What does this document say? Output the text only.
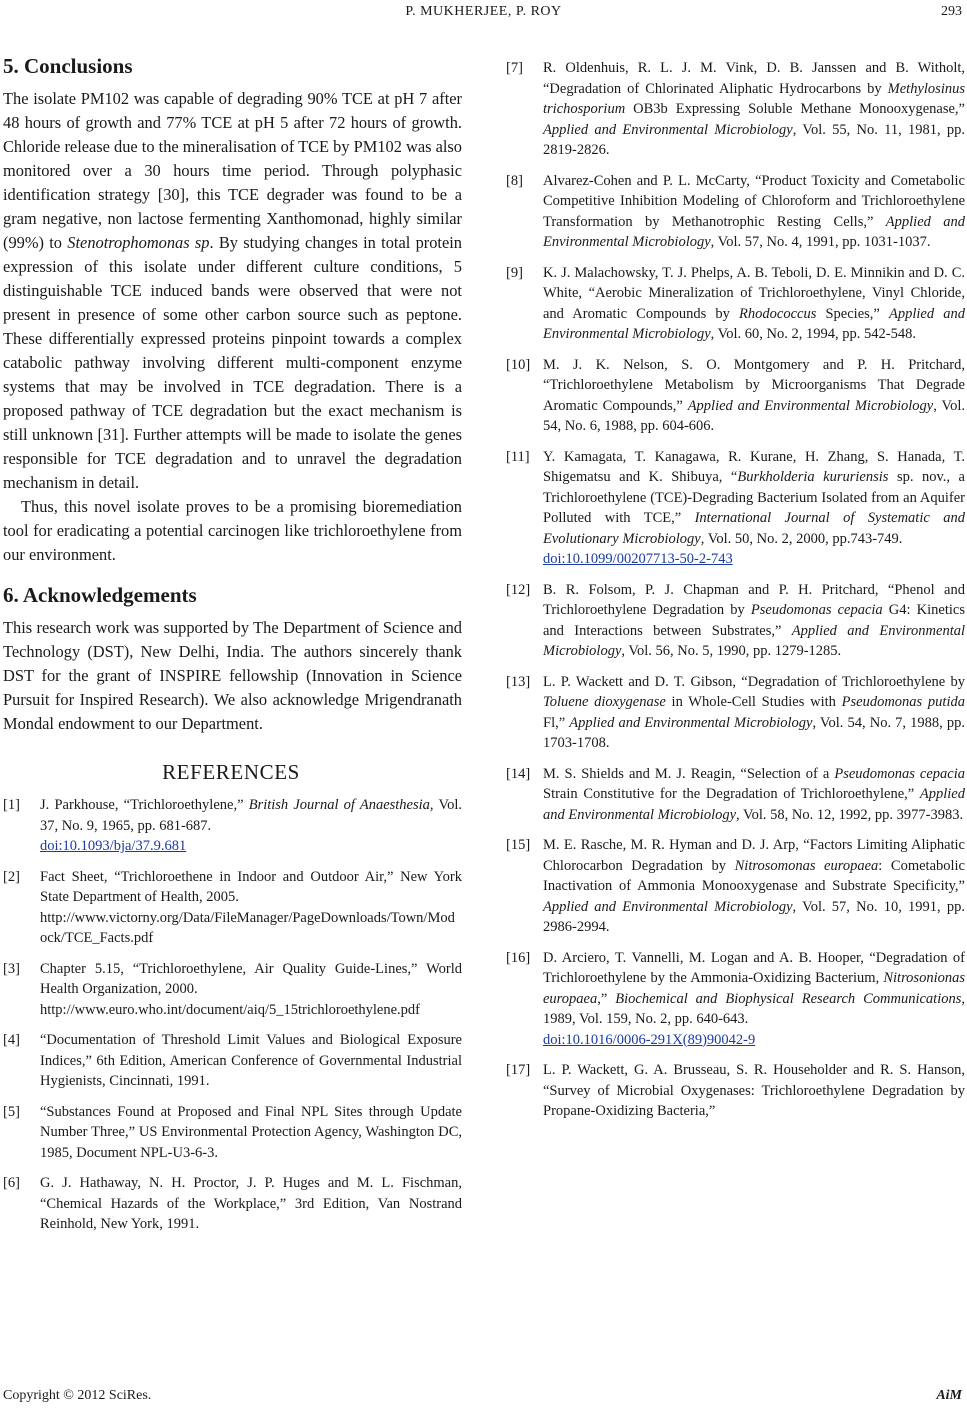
P. MUKHERJEE, P. ROY	293
5. Conclusions

The isolate PM102 was capable of degrading 90% TCE at pH 7 after 48 hours of growth and 77% TCE at pH 5 after 72 hours of growth. Chloride release due to the mineralisation of TCE by PM102 was also monitored over a 30 hours time period. Through polyphasic identification strategy [30], this TCE degrader was found to be a gram negative, non lactose fermenting Xanthomonad, highly similar (99%) to Stenotrophomonas sp. By studying changes in total protein expression of this isolate under different culture conditions, 5 distinguishable TCE induced bands were observed that were not present in presence of some other carbon source such as peptone. These differentially expressed proteins pinpoint towards a complex catabolic pathway involving different multi-component enzyme systems that may be involved in TCE degradation. There is a proposed pathway of TCE degradation but the exact mechanism is still unknown [31]. Further attempts will be made to isolate the genes responsible for TCE degradation and to unravel the degradation mechanism in detail.

Thus, this novel isolate proves to be a promising bioremediation tool for eradicating a potential carcinogen like trichloroethylene from our environment.

6. Acknowledgements

This research work was supported by The Department of Science and Technology (DST), New Delhi, India. The authors sincerely thank DST for the grant of INSPIRE fellowship (Innovation in Science Pursuit for Inspired Research). We also acknowledge Mrigendranath Mondal endowment to our Department.

REFERENCES
[1] J. Parkhouse, “Trichloroethylene,” British Journal of Anaesthesia, Vol. 37, No. 9, 1965, pp. 681-687.
doi:10.1093/bja/37.9.681
[2] Fact Sheet, “Trichloroethene in Indoor and Outdoor Air,” New York State Department of Health, 2005.
http://www.victorny.org/Data/FileManager/PageDownloads/Town/Modock/TCE_Facts.pdf
[3] Chapter 5.15, “Trichloroethylene, Air Quality Guide-Lines,” World Health Organization, 2000.
http://www.euro.who.int/document/aiq/5_15trichloroethylene.pdf
[4] “Documentation of Threshold Limit Values and Biological Exposure Indices,” 6th Edition, American Conference of Governmental Industrial Hygienists, Cincinnati, 1991.
[5] “Substances Found at Proposed and Final NPL Sites through Update Number Three,” US Environmental Protection Agency, Washington DC, 1985, Document NPL-U3-6-3.
[6] G. J. Hathaway, N. H. Proctor, J. P. Huges and M. L. Fischman, “Chemical Hazards of the Workplace,” 3rd Edition, Van Nostrand Reinhold, New York, 1991.
[7] R. Oldenhuis, R. L. J. M. Vink, D. B. Janssen and B. Witholt, “Degradation of Chlorinated Aliphatic Hydrocarbons by Methylosinus trichosporium OB3b Expressing Soluble Methane Monooxygenase,” Applied and Environmental Microbiology, Vol. 55, No. 11, 1981, pp. 2819-2826.
[8] Alvarez-Cohen and P. L. McCarty, “Product Toxicity and Cometabolic Competitive Inhibition Modeling of Chloroform and Trichloroethylene Transformation by Methanotrophic Resting Cells,” Applied and Environmental Microbiology, Vol. 57, No. 4, 1991, pp. 1031-1037.
[9] K. J. Malachowsky, T. J. Phelps, A. B. Teboli, D. E. Minnikin and D. C. White, “Aerobic Mineralization of Trichloroethylene, Vinyl Chloride, and Aromatic Compounds by Rhodococcus Species,” Applied and Environmental Microbiology, Vol. 60, No. 2, 1994, pp. 542-548.
[10] M. J. K. Nelson, S. O. Montgomery and P. H. Pritchard, “Trichloroethylene Metabolism by Microorganisms That Degrade Aromatic Compounds,” Applied and Environmental Microbiology, Vol. 54, No. 6, 1988, pp. 604-606.
[11] Y. Kamagata, T. Kanagawa, R. Kurane, H. Zhang, S. Hanada, T. Shigematsu and K. Shibuya, “Burkholderia kururiensis sp. nov., a Trichloroethylene (TCE)-Degrading Bacterium Isolated from an Aquifer Polluted with TCE,” International Journal of Systematic and Evolutionary Microbiology, Vol. 50, No. 2, 2000, pp.743-749.
doi:10.1099/00207713-50-2-743
[12] B. R. Folsom, P. J. Chapman and P. H. Pritchard, “Phenol and Trichloroethylene Degradation by Pseudomonas cepacia G4: Kinetics and Interactions between Substrates,” Applied and Environmental Microbiology, Vol. 56, No. 5, 1990, pp. 1279-1285.
[13] L. P. Wackett and D. T. Gibson, “Degradation of Trichloroethylene by Toluene dioxygenase in Whole-Cell Studies with Pseudomonas putida Fl,” Applied and Environmental Microbiology, Vol. 54, No. 7, 1988, pp. 1703-1708.
[14] M. S. Shields and M. J. Reagin, “Selection of a Pseudomonas cepacia Strain Constitutive for the Degradation of Trichloroethylene,” Applied and Environmental Microbiology, Vol. 58, No. 12, 1992, pp. 3977-3983.
[15] M. E. Rasche, M. R. Hyman and D. J. Arp, “Factors Limiting Aliphatic Chlorocarbon Degradation by Nitrosomonas europaea: Cometabolic Inactivation of Ammonia Monooxygenase and Substrate Specificity,” Applied and Environmental Microbiology, Vol. 57, No. 10, 1991, pp. 2986-2994.
[16] D. Arciero, T. Vannelli, M. Logan and A. B. Hooper, “Degradation of Trichloroethylene by the Ammonia-Oxidizing Bacterium, Nitrosonionas europaea,” Biochemical and Biophysical Research Communications, 1989, Vol. 159, No. 2, pp. 640-643.
doi:10.1016/0006-291X(89)90042-9
[17] L. P. Wackett, G. A. Brusseau, S. R. Householder and R. S. Hanson, “Survey of Microbial Oxygenases: Trichloroethylene Degradation by Propane-Oxidizing Bacteria,”
Copyright © 2012 SciRes.	AiM
